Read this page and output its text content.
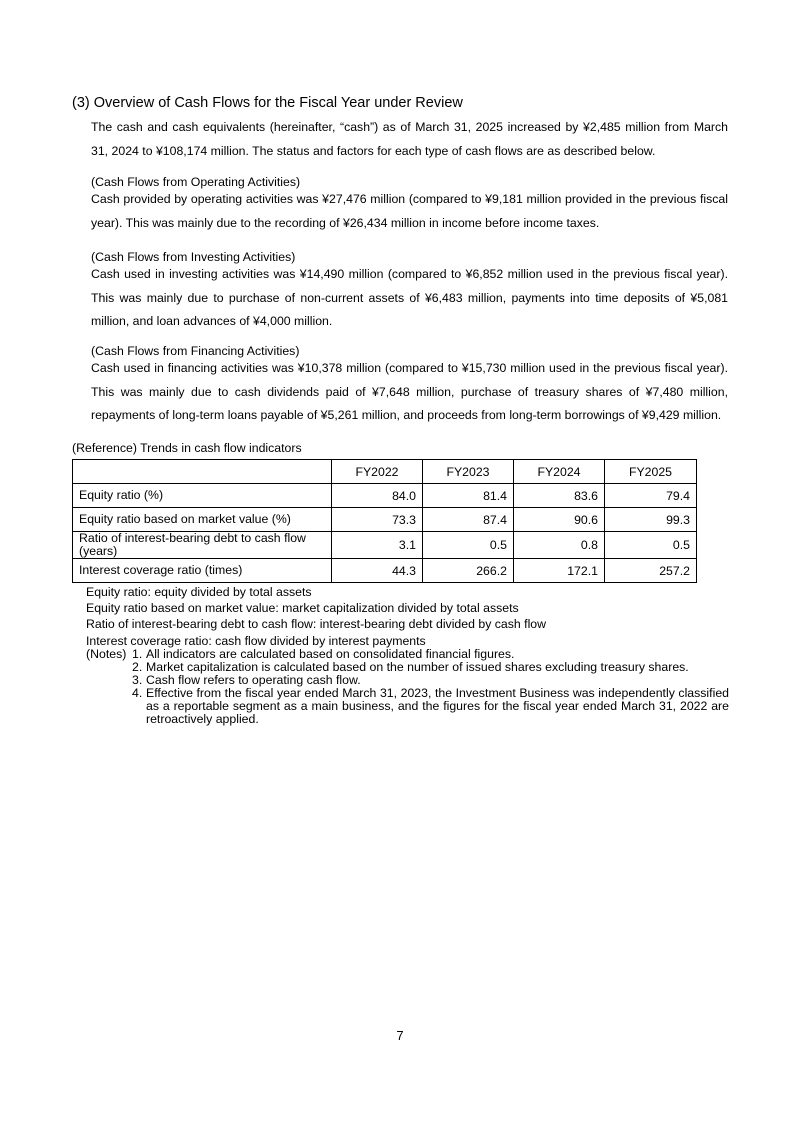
(3) Overview of Cash Flows for the Fiscal Year under Review
The cash and cash equivalents (hereinafter, “cash”) as of March 31, 2025 increased by ¥2,485 million from March 31, 2024 to ¥108,174 million. The status and factors for each type of cash flows are as described below.
(Cash Flows from Operating Activities)
Cash provided by operating activities was ¥27,476 million (compared to ¥9,181 million provided in the previous fiscal year). This was mainly due to the recording of ¥26,434 million in income before income taxes.
(Cash Flows from Investing Activities)
Cash used in investing activities was ¥14,490 million (compared to ¥6,852 million used in the previous fiscal year). This was mainly due to purchase of non-current assets of ¥6,483 million, payments into time deposits of ¥5,081 million, and loan advances of ¥4,000 million.
(Cash Flows from Financing Activities)
Cash used in financing activities was ¥10,378 million (compared to ¥15,730 million used in the previous fiscal year). This was mainly due to cash dividends paid of ¥7,648 million, purchase of treasury shares of ¥7,480 million, repayments of long-term loans payable of ¥5,261 million, and proceeds from long-term borrowings of ¥9,429 million.
(Reference) Trends in cash flow indicators
	FY2022	FY2023	FY2024	FY2025
Equity ratio (%)	84.0	81.4	83.6	79.4
Equity ratio based on market value (%)	73.3	87.4	90.6	99.3
Ratio of interest-bearing debt to cash flow (years)	3.1	0.5	0.8	0.5
Interest coverage ratio (times)	44.3	266.2	172.1	257.2
Equity ratio: equity divided by total assets
Equity ratio based on market value: market capitalization divided by total assets
Ratio of interest-bearing debt to cash flow: interest-bearing debt divided by cash flow
Interest coverage ratio: cash flow divided by interest payments
(Notes) 1. All indicators are calculated based on consolidated financial figures.
2. Market capitalization is calculated based on the number of issued shares excluding treasury shares.
3. Cash flow refers to operating cash flow.
4. Effective from the fiscal year ended March 31, 2023, the Investment Business was independently classified as a reportable segment as a main business, and the figures for the fiscal year ended March 31, 2022 are retroactively applied.
7
